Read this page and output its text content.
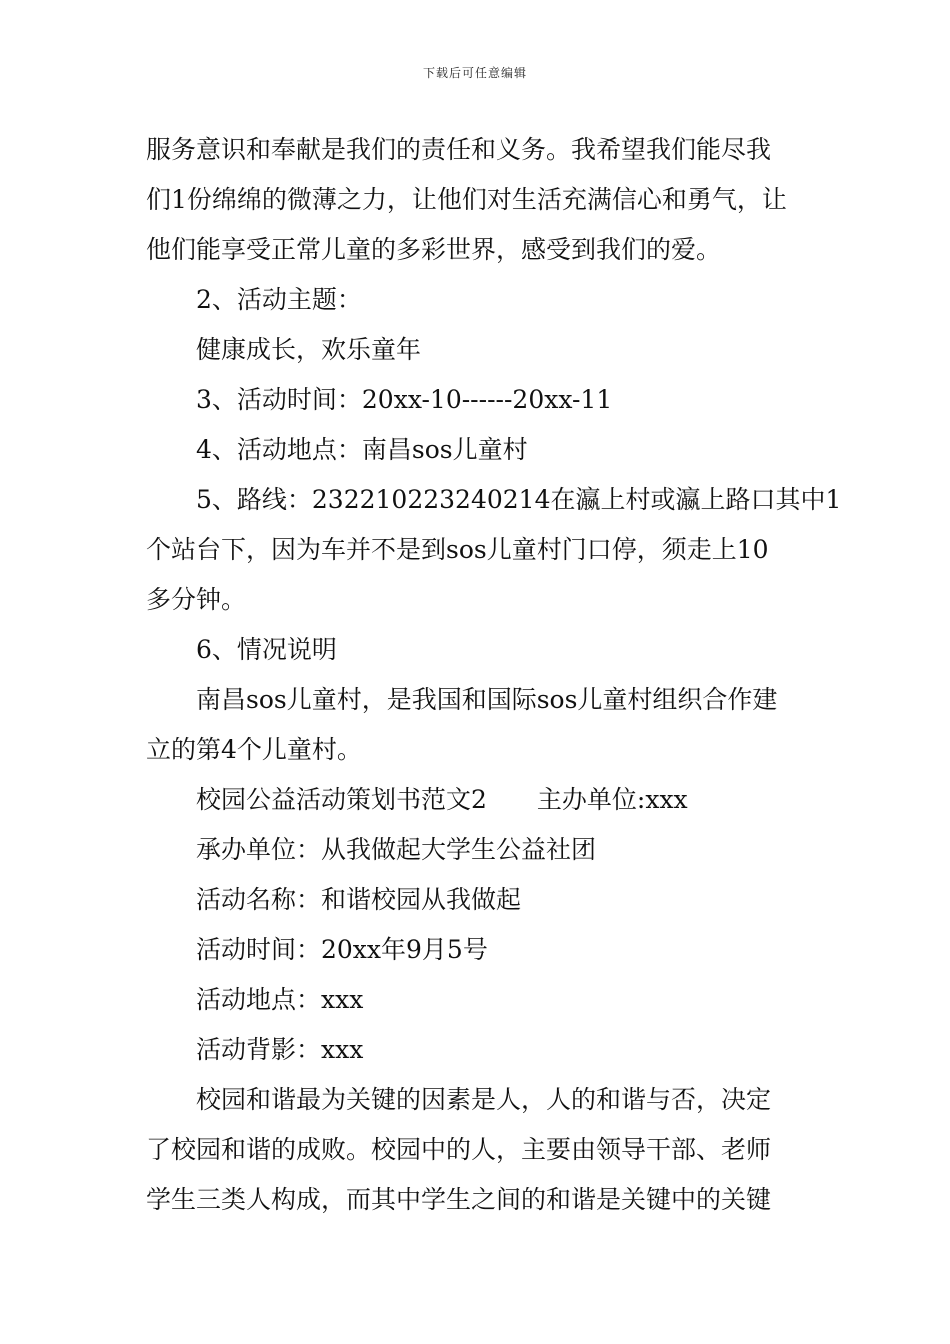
下载后可任意编辑
服务意识和奉献是我们的责任和义务。我希望我们能尽我
们1份绵绵的微薄之力，让他们对生活充满信心和勇气，让
他们能享受正常儿童的多彩世界，感受到我们的爱。
2、活动主题：
健康成长，欢乐童年
3、活动时间：20xx-10------20xx-11
4、活动地点：南昌sos儿童村
5、路线：232210223240214在瀛上村或瀛上路口其中1
个站台下，因为车并不是到sos儿童村门口停，须走上10
多分钟。
6、情况说明
南昌sos儿童村，是我国和国际sos儿童村组织合作建
立的第4个儿童村。
校园公益活动策划书范文2 主办单位:xxx
承办单位：从我做起大学生公益社团
活动名称：和谐校园从我做起
活动时间：20xx年9月5号
活动地点：xxx
活动背影：xxx
校园和谐最为关键的因素是人，人的和谐与否，决定
了校园和谐的成败。校园中的人，主要由领导干部、老师
学生三类人构成，而其中学生之间的和谐是关键中的关键
